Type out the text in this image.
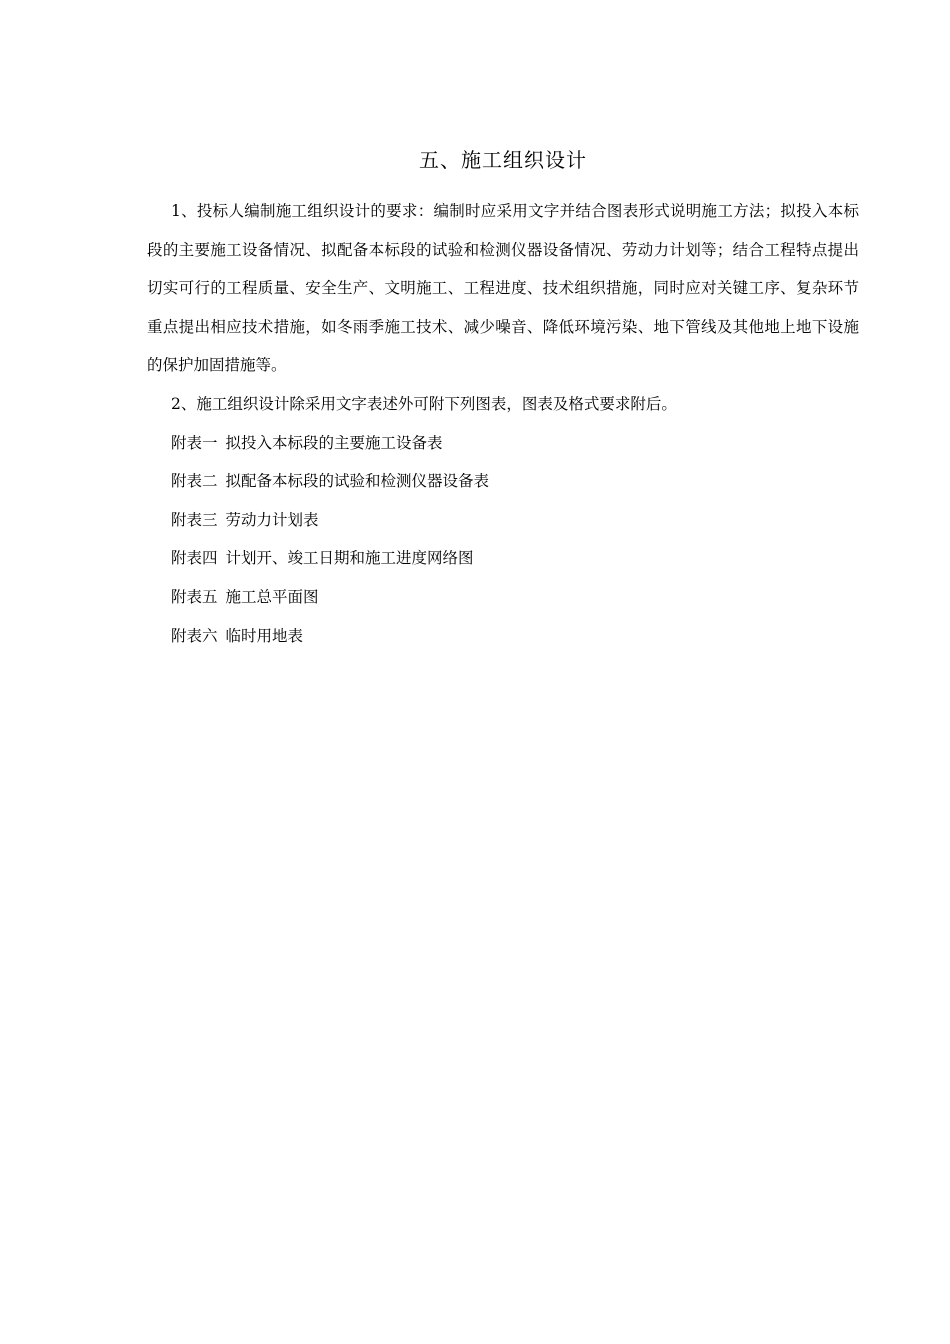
五、施工组织设计

1、投标人编制施工组织设计的要求：编制时应采用文字并结合图表形式说明施工方法；拟投入本标段的主要施工设备情况、拟配备本标段的试验和检测仪器设备情况、劳动力计划等；结合工程特点提出切实可行的工程质量、安全生产、文明施工、工程进度、技术组织措施，同时应对关键工序、复杂环节重点提出相应技术措施，如冬雨季施工技术、减少噪音、降低环境污染、地下管线及其他地上地下设施的保护加固措施等。

2、施工组织设计除采用文字表述外可附下列图表，图表及格式要求附后。

附表一 拟投入本标段的主要施工设备表
附表二 拟配备本标段的试验和检测仪器设备表
附表三 劳动力计划表
附表四 计划开、竣工日期和施工进度网络图
附表五 施工总平面图
附表六 临时用地表
